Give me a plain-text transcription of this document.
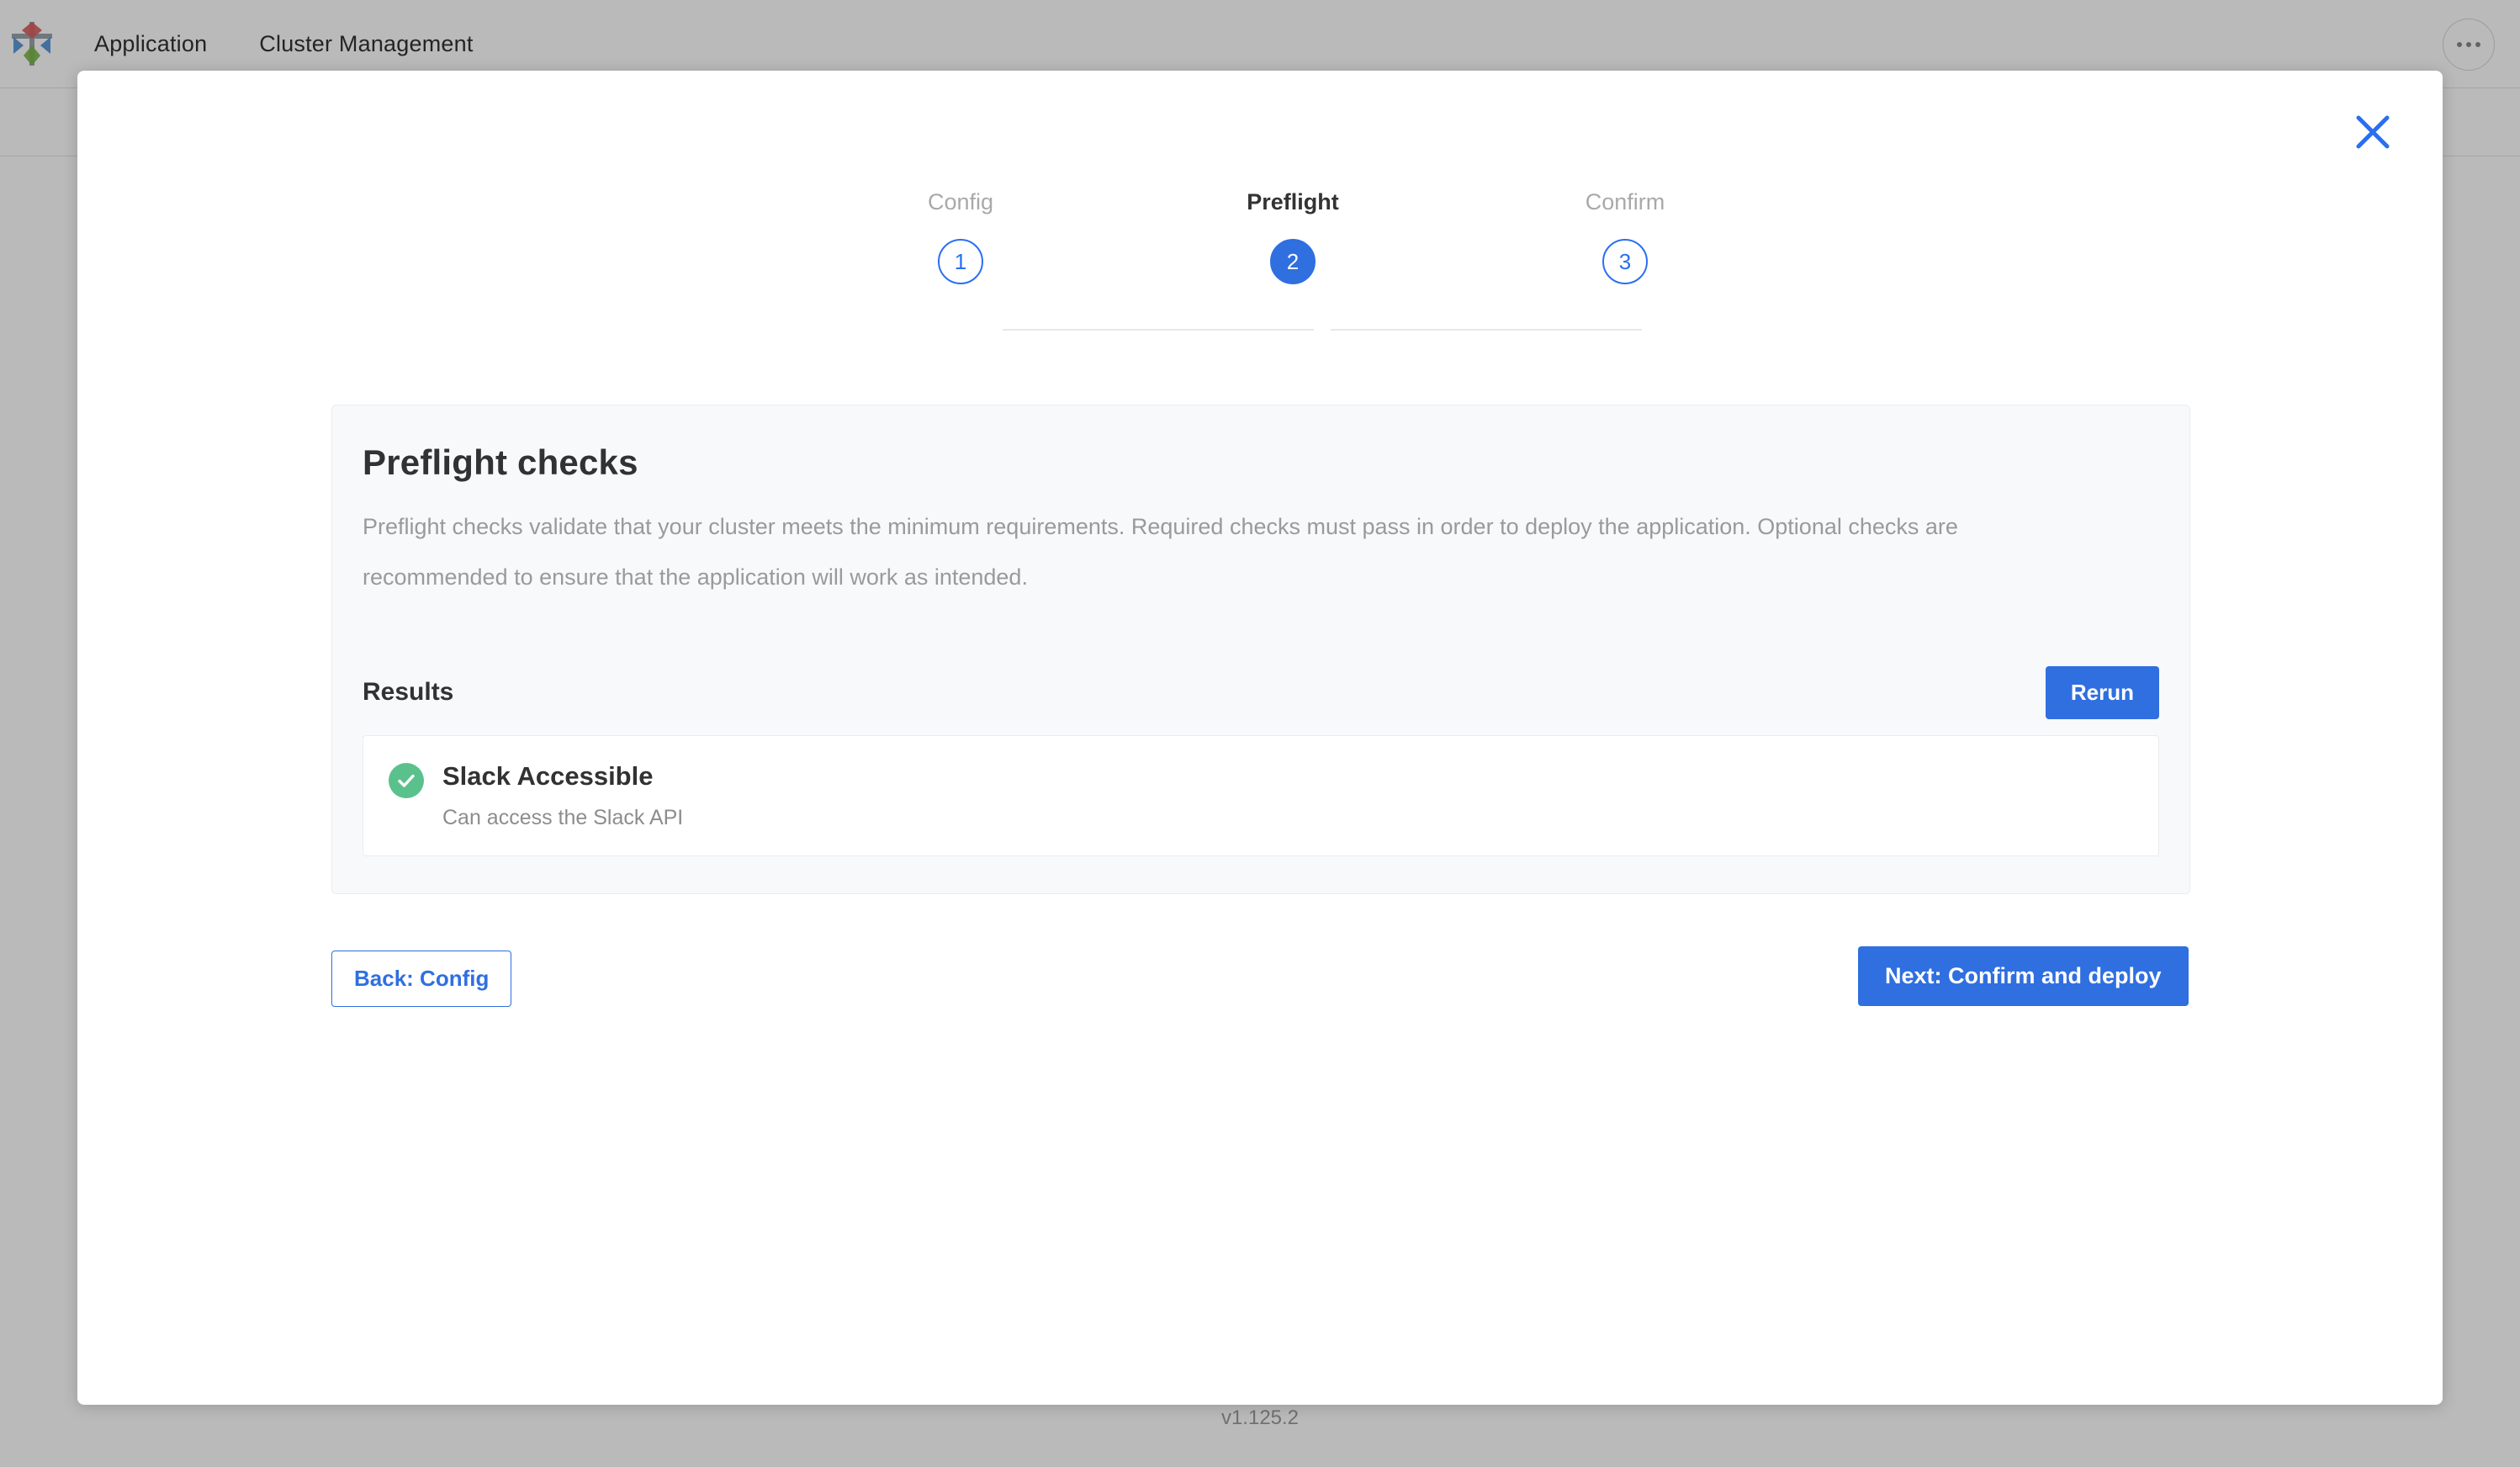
Application Cluster Management
v1.125.2
Config
1
Preflight
2
Confirm
3
Preflight checks

Preflight checks validate that your cluster meets the minimum requirements. Required checks must pass in order to deploy the application. Optional checks are recommended to ensure that the application will work as intended.

Results	Rerun
Slack Accessible
Can access the Slack API
Back: Config	Next: Confirm and deploy
